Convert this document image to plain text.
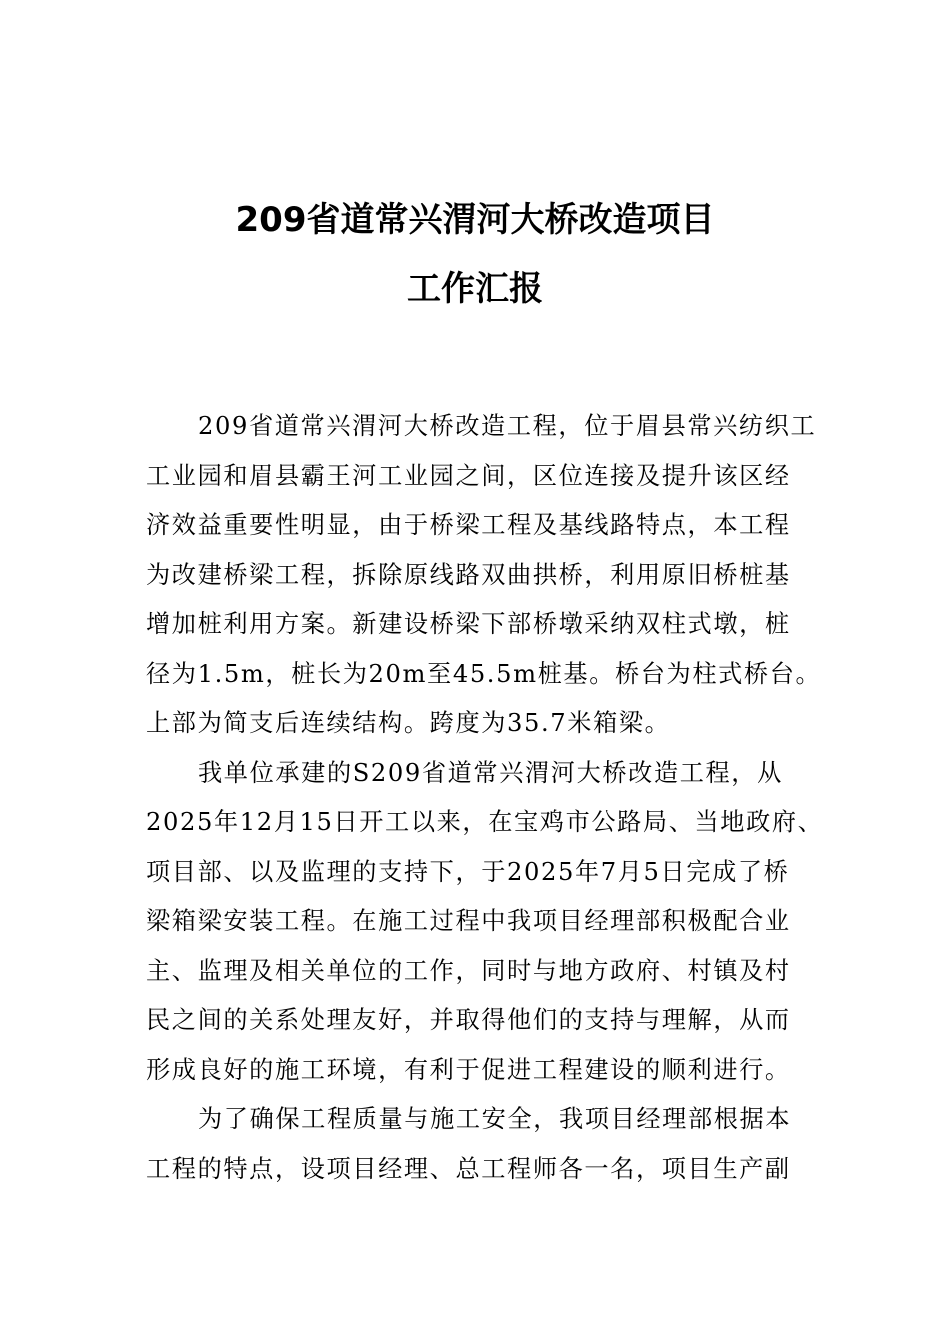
209省道常兴渭河大桥改造项目
工作汇报

209省道常兴渭河大桥改造工程，位于眉县常兴纺织工
工业园和眉县霸王河工业园之间，区位连接及提升该区经
济效益重要性明显，由于桥梁工程及基线路特点，本工程
为改建桥梁工程，拆除原线路双曲拱桥，利用原旧桥桩基
增加桩利用方案。新建设桥梁下部桥墩采纳双柱式墩，桩
径为1.5m，桩长为20m至45.5m桩基。桥台为柱式桥台。
上部为简支后连续结构。跨度为35.7米箱梁。

我单位承建的S209省道常兴渭河大桥改造工程，从
2025年12月15日开工以来，在宝鸡市公路局、当地政府、
项目部、以及监理的支持下，于2025年7月5日完成了桥
梁箱梁安装工程。在施工过程中我项目经理部积极配合业
主、监理及相关单位的工作，同时与地方政府、村镇及村
民之间的关系处理友好，并取得他们的支持与理解，从而
形成良好的施工环境，有利于促进工程建设的顺利进行。

为了确保工程质量与施工安全，我项目经理部根据本
工程的特点，设项目经理、总工程师各一名，项目生产副
